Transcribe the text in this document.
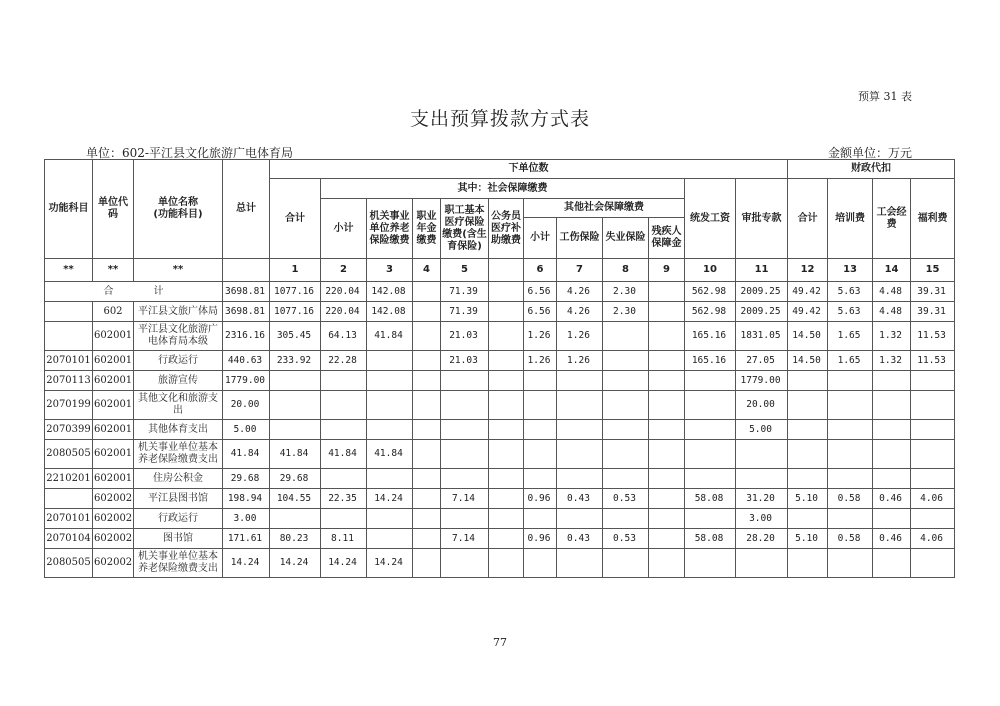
预算 31 表
支出预算拨款方式表
单位：602-平江县文化旅游广电体育局	金额单位：万元
功能科目	单位代码	单位名称
(功能科目)	总计	下单位数												财政代扣			
				合计	其中：社会保障缴费									统发工资	审批专款	合计	培训费	工会经费	福利费
					小计	机关事业单位养老保险缴费	职业年金缴费	职工基本医疗保险缴费(含生育保险)	公务员医疗补助缴费	其他社会保障缴费									
										小计	工伤保险	失业保险	残疾人保障金						
**	**	**		1	2	3	4	5		6	7	8	9	10	11	12	13	14	15
合　　　　计			3698.81	1077.16	220.04	142.08		71.39		6.56	4.26	2.30		562.98	2009.25	49.42	5.63	4.48	39.31
	602	平江县文旅广体局	3698.81	1077.16	220.04	142.08		71.39		6.56	4.26	2.30		562.98	2009.25	49.42	5.63	4.48	39.31
	602001	平江县文化旅游广电体育局本级	2316.16	305.45	64.13	41.84		21.03		1.26	1.26			165.16	1831.05	14.50	1.65	1.32	11.53
2070101	602001	行政运行	440.63	233.92	22.28			21.03		1.26	1.26			165.16	27.05	14.50	1.65	1.32	11.53
2070113	602001	旅游宣传	1779.00												1779.00				
2070199	602001	其他文化和旅游支出	20.00												20.00				
2070399	602001	其他体育支出	5.00												5.00				
2080505	602001	机关事业单位基本养老保险缴费支出	41.84	41.84	41.84	41.84													
2210201	602001	住房公积金	29.68	29.68															
	602002	平江县图书馆	198.94	104.55	22.35	14.24		7.14		0.96	0.43	0.53		58.08	31.20	5.10	0.58	0.46	4.06
2070101	602002	行政运行	3.00												3.00				
2070104	602002	图书馆	171.61	80.23	8.11			7.14		0.96	0.43	0.53		58.08	28.20	5.10	0.58	0.46	4.06
2080505	602002	机关事业单位基本养老保险缴费支出	14.24	14.24	14.24	14.24													
77
